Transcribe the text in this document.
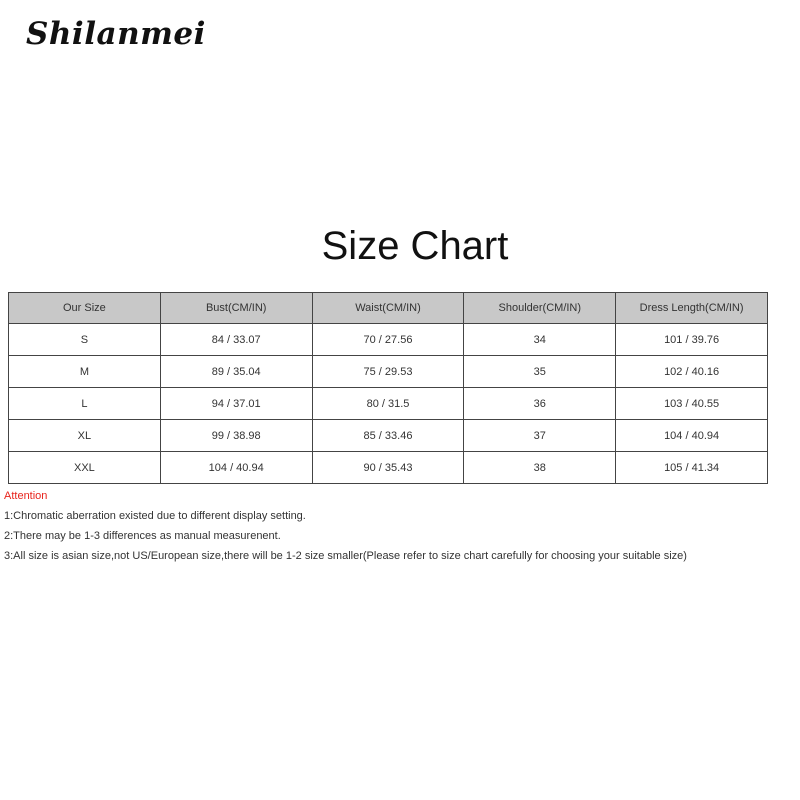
Shilanmei
Size Chart
Our Size	Bust(CM/IN)	Waist(CM/IN)	Shoulder(CM/IN)	Dress Length(CM/IN)
S	84 / 33.07	70 / 27.56	34	101 / 39.76
M	89 / 35.04	75 / 29.53	35	102 / 40.16
L	94 / 37.01	80 / 31.5	36	103 / 40.55
XL	99 / 38.98	85 / 33.46	37	104 / 40.94
XXL	104 / 40.94	90 / 35.43	38	105 / 41.34
Attention
1:Chromatic aberration existed due to different display setting.
2:There may be 1-3 differences as manual measurenent.
3:All size is asian size,not US/European size,there will be 1-2 size smaller(Please refer to size chart carefully for choosing your suitable size)
